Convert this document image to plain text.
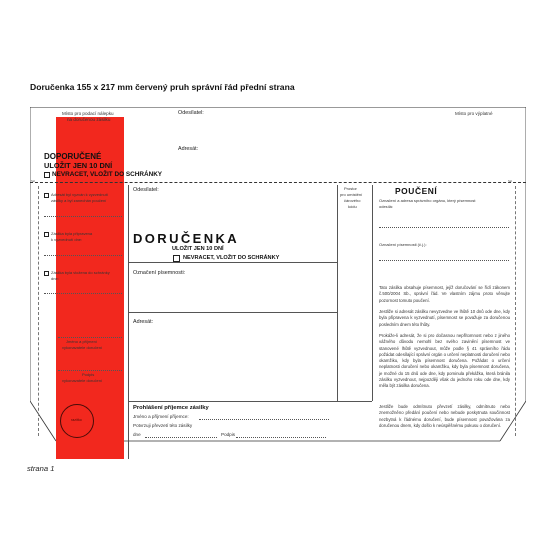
Doručenka 155 x 217 mm červený pruh správní řád přední strana
Místo pro podací nálepku
na doručenou zásilku
Odesílatel:	Místo pro výplatné
Adresát:
DOPORUČENÉ
ULOŽIT JEN 10 DNÍ
NEVRACET, VLOŽIT DO SCHRÁNKY
✂	✂
Adresát byl vyzván k vyzvednutí
zásilky a byl zanechán poučení
Zásilka byla připravena
k vyzvednutí dne:
Zásilka byla vložena do schránky
dne:
Jméno a příjmení
vykonavatele doručení
Podpis
vykonavatele doručení
razítko
Odesílatel:
DORUČENKA
ULOŽIT JEN 10 DNÍ
NEVRACET, VLOŽIT DO SCHRÁNKY
Označení písemnosti:
Adresát:
Prostor
pro umístění
čárového
kódu
Prohlášení příjemce zásilky
Jméno a příjmení příjemce:
Potvrzuji převzetí této zásilky
dne	Podpis
POUČENÍ
Označení a adresa správního orgánu, který písemnost
odesílá:
Označení písemnosti (č.j.):
Tato zásilka obsahuje písemnost, jejíž doručování se řídí zákonem č.500/2004 Sb., správní řád. Ve vlastním zájmu proto věnujte pozornost tomuto poučení.
Jestliže si adresát zásilku nevyzvedne ve lhůtě 10 dnů ode dne, kdy byla připravena k vyzvednutí, písemnost se považuje za doručenou posledním dnem této lhůty.
Prokáže-li adresát, že si pro dočasnou nepřítomnost nebo z jiného vážného důvodu nemohl bez svého zavinění písemnost ve stanovené lhůtě vyzvednout, může podle § 41 správního řádu požádat odesílající správní orgán o určení neplatnosti doručení nebo okamžiku, kdy byla písemnost doručena. Požádat o určení neplatnosti doručení nebo okamžiku, kdy byla písemnost doručena, je možné do 15 dnů ode dne, kdy pominula překážka, která bránila zásilku vyzvednout, nejpozději však do jednoho roku ode dne, kdy měla být zásilka doručena.
Jestliže bude odmítnuto převzetí zásilky, odmítnuto nebo znemožněno předání poučení nebo nebude poskytnuta součinnost nezbytná k řádnému doručení, bude písemnost považována za doručenou dnem, kdy došlo k neúspěšnému pokusu o doručení.
strana 1
